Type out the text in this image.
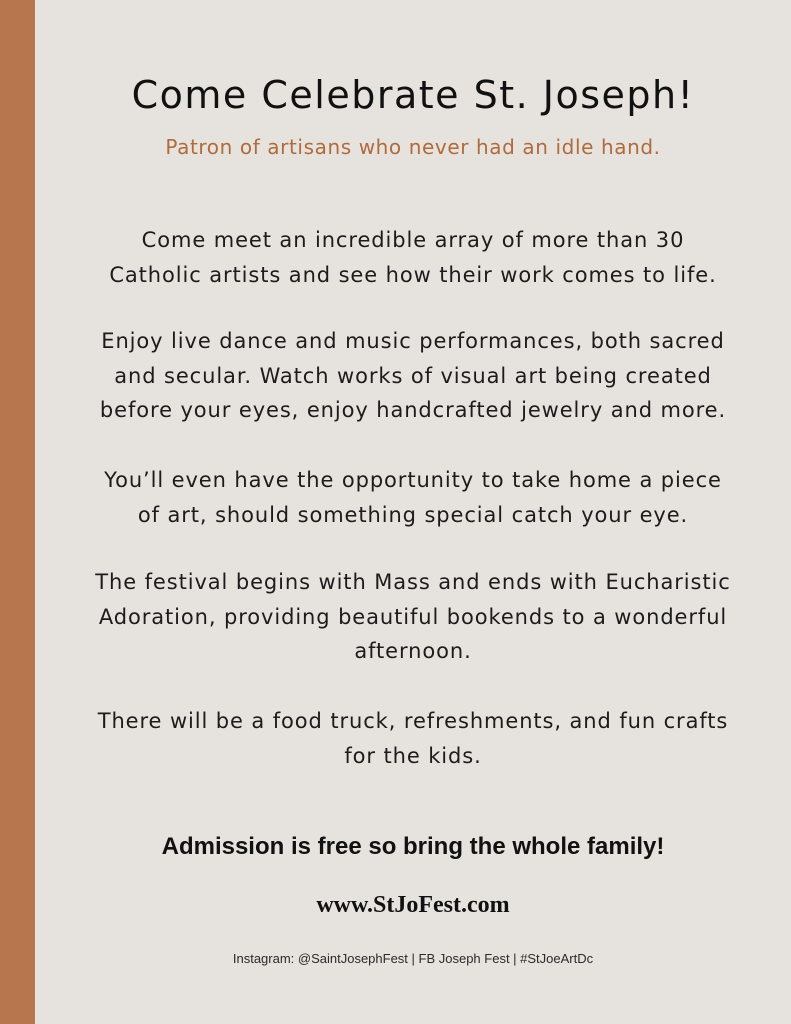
Come Celebrate St. Joseph!
Patron of artisans who never had an idle hand.

Come meet an incredible array of more than 30
Catholic artists and see how their work comes to life.

Enjoy live dance and music performances, both sacred
and secular. Watch works of visual art being created
before your eyes, enjoy handcrafted jewelry and more.

You’ll even have the opportunity to take home a piece
of art, should something special catch your eye.

The festival begins with Mass and ends with Eucharistic
Adoration, providing beautiful bookends to a wonderful
afternoon.

There will be a food truck, refreshments, and fun crafts
for the kids.

Admission is free so bring the whole family!
www.StJoFest.com
Instagram: @SaintJosephFest | FB Joseph Fest | #StJoeArtDc
